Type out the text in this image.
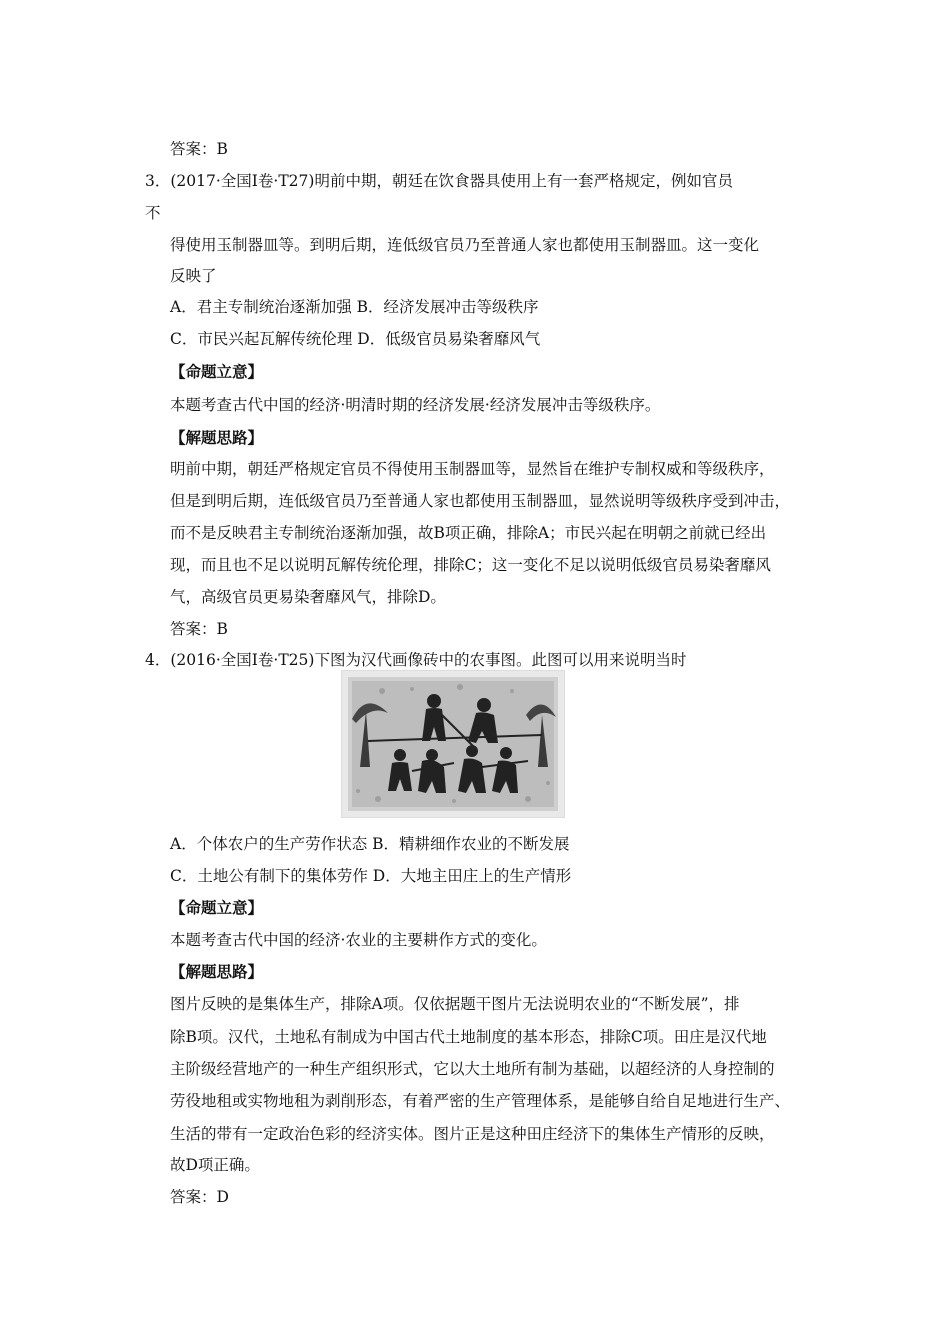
答案：B
3．(2017·全国Ⅰ卷·T27)明前中期，朝廷在饮食器具使用上有一套严格规定，例如官员
不
得使用玉制器皿等。到明后期，连低级官员乃至普通人家也都使用玉制器皿。这一变化
反映了
A．君主专制统治逐渐加强 B．经济发展冲击等级秩序
C．市民兴起瓦解传统伦理 D．低级官员易染奢靡风气
【命题立意】
本题考查古代中国的经济·明清时期的经济发展·经济发展冲击等级秩序。
【解题思路】
明前中期，朝廷严格规定官员不得使用玉制器皿等，显然旨在维护专制权威和等级秩序，
但是到明后期，连低级官员乃至普通人家也都使用玉制器皿，显然说明等级秩序受到冲击，
而不是反映君主专制统治逐渐加强，故B项正确，排除A；市民兴起在明朝之前就已经出
现，而且也不足以说明瓦解传统伦理，排除C；这一变化不足以说明低级官员易染奢靡风
气，高级官员更易染奢靡风气，排除D。
答案：B
4．(2016·全国Ⅰ卷·T25)下图为汉代画像砖中的农事图。此图可以用来说明当时
A．个体农户的生产劳作状态 B．精耕细作农业的不断发展
C．土地公有制下的集体劳作 D．大地主田庄上的生产情形
【命题立意】
本题考查古代中国的经济·农业的主要耕作方式的变化。
【解题思路】
图片反映的是集体生产，排除A项。仅依据题干图片无法说明农业的“不断发展”，排
除B项。汉代，土地私有制成为中国古代土地制度的基本形态，排除C项。田庄是汉代地
主阶级经营地产的一种生产组织形式，它以大土地所有制为基础，以超经济的人身控制的
劳役地租或实物地租为剥削形态，有着严密的生产管理体系，是能够自给自足地进行生产、
生活的带有一定政治色彩的经济实体。图片正是这种田庄经济下的集体生产情形的反映，
故D项正确。
答案：D
